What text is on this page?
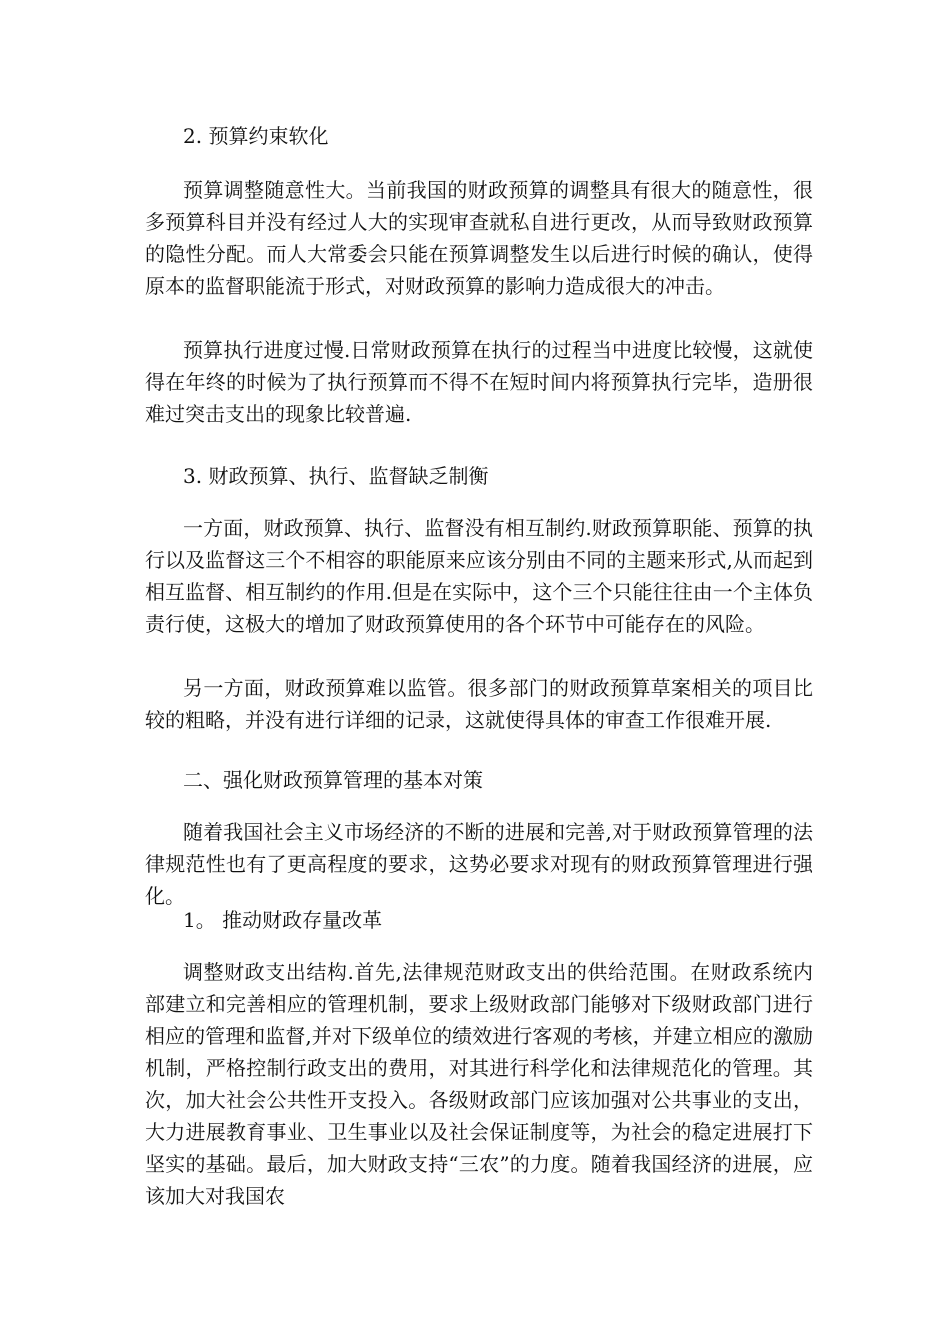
2. 预算约束软化

预算调整随意性大。当前我国的财政预算的调整具有很大的随意性，很多预算科目并没有经过人大的实现审查就私自进行更改，从而导致财政预算的隐性分配。而人大常委会只能在预算调整发生以后进行时候的确认，使得原本的监督职能流于形式，对财政预算的影响力造成很大的冲击。

预算执行进度过慢.日常财政预算在执行的过程当中进度比较慢，这就使得在年终的时候为了执行预算而不得不在短时间内将预算执行完毕，造册很难过突击支出的现象比较普遍.

3. 财政预算、执行、监督缺乏制衡

一方面，财政预算、执行、监督没有相互制约.财政预算职能、预算的执行以及监督这三个不相容的职能原来应该分别由不同的主题来形式,从而起到相互监督、相互制约的作用.但是在实际中，这个三个只能往往由一个主体负责行使，这极大的增加了财政预算使用的各个环节中可能存在的风险。

另一方面，财政预算难以监管。很多部门的财政预算草案相关的项目比较的粗略，并没有进行详细的记录，这就使得具体的审查工作很难开展.

二、强化财政预算管理的基本对策

随着我国社会主义市场经济的不断的进展和完善,对于财政预算管理的法律规范性也有了更高程度的要求，这势必要求对现有的财政预算管理进行强化。

1。 推动财政存量改革

调整财政支出结构.首先,法律规范财政支出的供给范围。在财政系统内部建立和完善相应的管理机制，要求上级财政部门能够对下级财政部门进行相应的管理和监督,并对下级单位的绩效进行客观的考核，并建立相应的激励机制，严格控制行政支出的费用，对其进行科学化和法律规范化的管理。其次，加大社会公共性开支投入。各级财政部门应该加强对公共事业的支出，大力进展教育事业、卫生事业以及社会保证制度等，为社会的稳定进展打下坚实的基础。最后，加大财政支持“三农”的力度。随着我国经济的进展，应该加大对我国农
